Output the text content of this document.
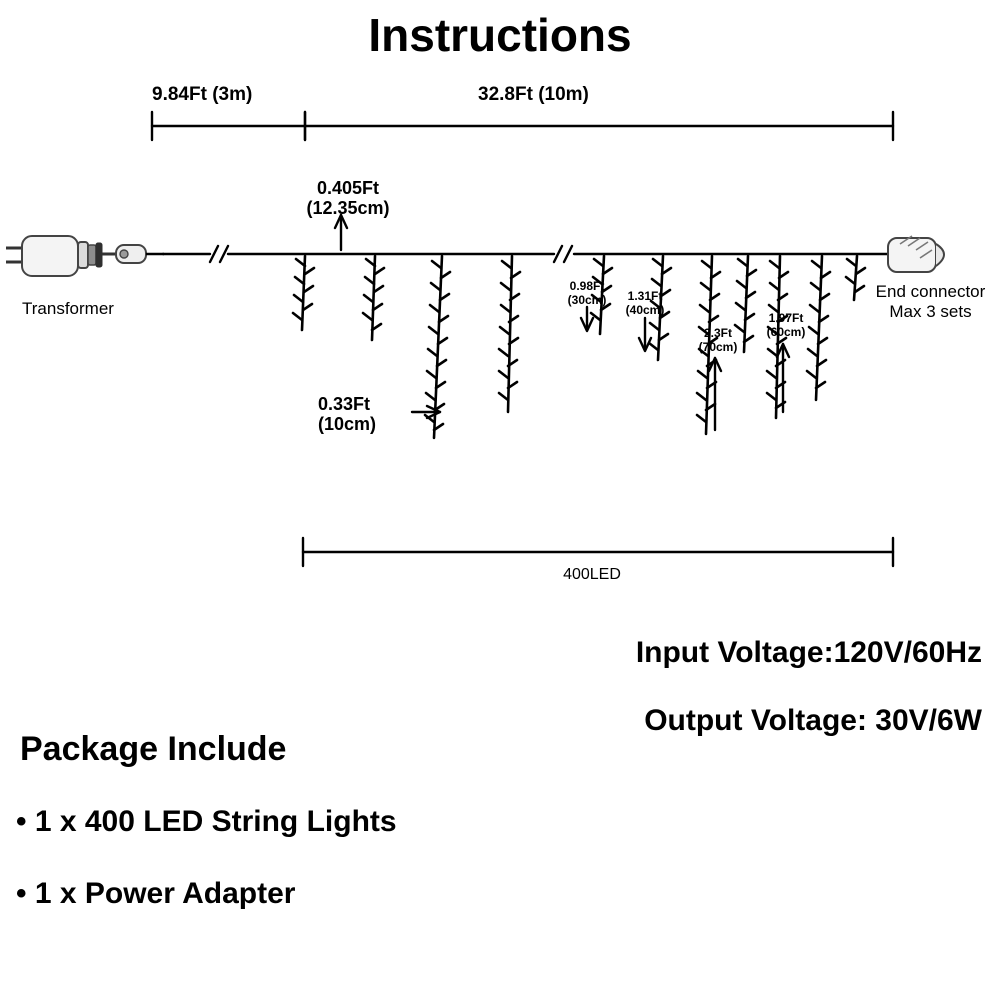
Instructions
9.84Ft (3m)	32.8Ft (10m)
0.405Ft
(12.35cm)
0.33Ft
(10cm)
0.98Ft
(30cm)	1.31Ft
(40cm)
2.3Ft
(70cm)
1.97Ft
(60cm)
Transformer
End connector
Max 3 sets
400LED
Input Voltage:120V/60Hz
Output Voltage: 30V/6W
Package Include
• 1 x 400 LED String Lights
• 1 x Power Adapter
